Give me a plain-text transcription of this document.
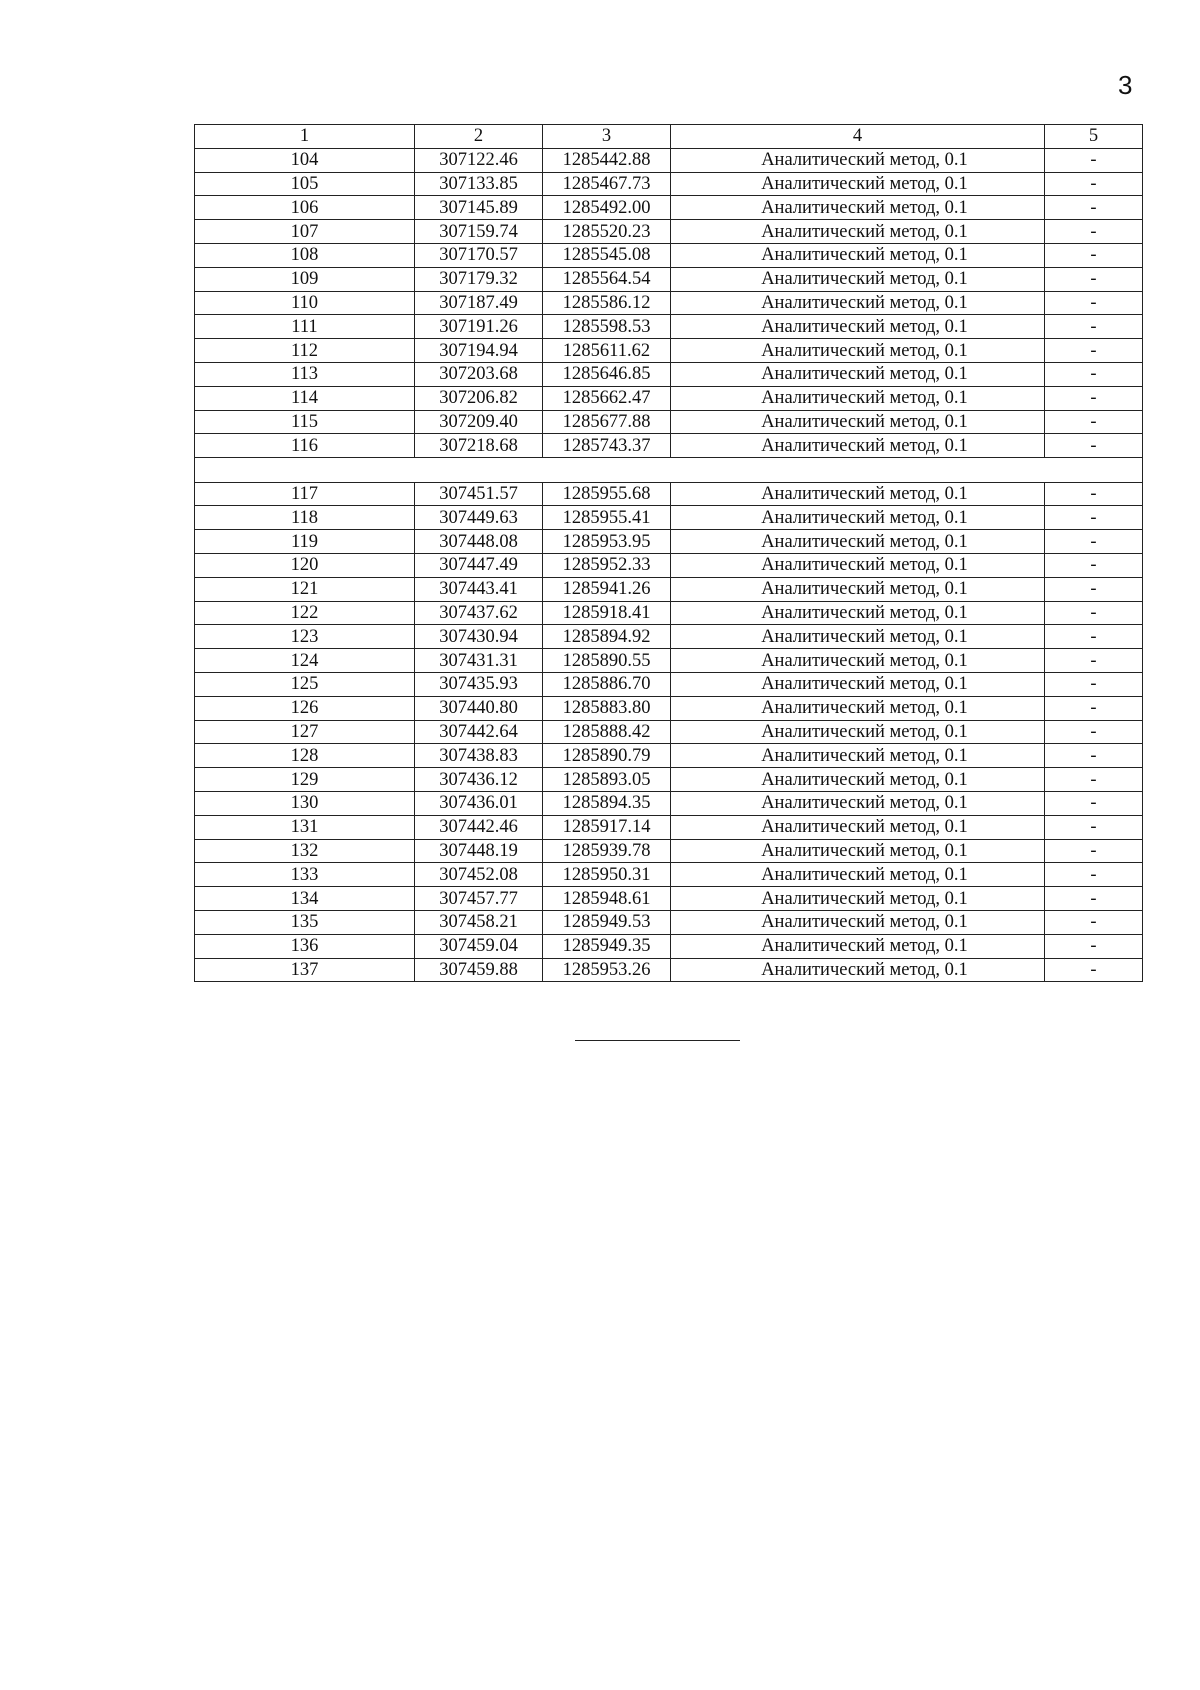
3
1	2	3	4	5
104	307122.46	1285442.88	Аналитический метод, 0.1	-
105	307133.85	1285467.73	Аналитический метод, 0.1	-
106	307145.89	1285492.00	Аналитический метод, 0.1	-
107	307159.74	1285520.23	Аналитический метод, 0.1	-
108	307170.57	1285545.08	Аналитический метод, 0.1	-
109	307179.32	1285564.54	Аналитический метод, 0.1	-
110	307187.49	1285586.12	Аналитический метод, 0.1	-
111	307191.26	1285598.53	Аналитический метод, 0.1	-
112	307194.94	1285611.62	Аналитический метод, 0.1	-
113	307203.68	1285646.85	Аналитический метод, 0.1	-
114	307206.82	1285662.47	Аналитический метод, 0.1	-
115	307209.40	1285677.88	Аналитический метод, 0.1	-
116	307218.68	1285743.37	Аналитический метод, 0.1	-

117	307451.57	1285955.68	Аналитический метод, 0.1	-
118	307449.63	1285955.41	Аналитический метод, 0.1	-
119	307448.08	1285953.95	Аналитический метод, 0.1	-
120	307447.49	1285952.33	Аналитический метод, 0.1	-
121	307443.41	1285941.26	Аналитический метод, 0.1	-
122	307437.62	1285918.41	Аналитический метод, 0.1	-
123	307430.94	1285894.92	Аналитический метод, 0.1	-
124	307431.31	1285890.55	Аналитический метод, 0.1	-
125	307435.93	1285886.70	Аналитический метод, 0.1	-
126	307440.80	1285883.80	Аналитический метод, 0.1	-
127	307442.64	1285888.42	Аналитический метод, 0.1	-
128	307438.83	1285890.79	Аналитический метод, 0.1	-
129	307436.12	1285893.05	Аналитический метод, 0.1	-
130	307436.01	1285894.35	Аналитический метод, 0.1	-
131	307442.46	1285917.14	Аналитический метод, 0.1	-
132	307448.19	1285939.78	Аналитический метод, 0.1	-
133	307452.08	1285950.31	Аналитический метод, 0.1	-
134	307457.77	1285948.61	Аналитический метод, 0.1	-
135	307458.21	1285949.53	Аналитический метод, 0.1	-
136	307459.04	1285949.35	Аналитический метод, 0.1	-
137	307459.88	1285953.26	Аналитический метод, 0.1	-
